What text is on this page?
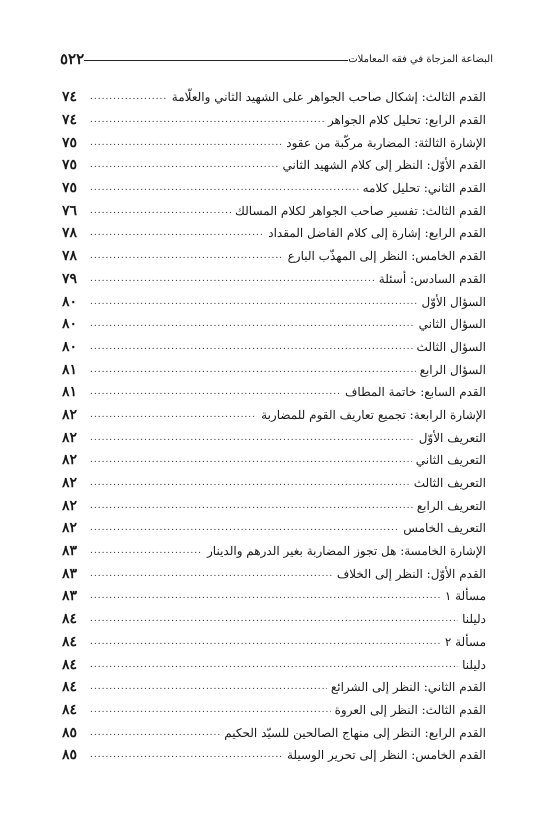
البضاعة المزجاة في فقه المعاملات
٥٢٢
القدم الثالث: إشكال صاحب الجواهر على الشهيد الثاني والعلّامة
.....
٧٤
القدم الرابع: تحليل كلام الجواهر
.....
٧٤
الإشارة الثالثة: المضاربة مركّبة من عقود
.....
٧٥
القدم الأوّل: النظر إلى كلام الشهيد الثاني
.....
٧٥
القدم الثاني: تحليل كلامه
.....
٧٥
القدم الثالث: تفسير صاحب الجواهر لكلام المسالك
.....
٧٦
القدم الرابع: إشارة إلى كلام الفاضل المقداد
.....
٧٨
القدم الخامس: النظر إلى المهذّب البارع
.....
٧٨
القدم السادس: أسئلة
.....
٧٩
السؤال الأوّل
.....
٨٠
السؤال الثاني
.....
٨٠
السؤال الثالث
.....
٨٠
السؤال الرابع
.....
٨١
القدم السابع: خاتمة المطاف
.....
٨١
الإشارة الرابعة: تجميع تعاريف القوم للمضاربة
.....
٨٢
التعريف الأوّل
.....
٨٢
التعريف الثاني
.....
٨٢
التعريف الثالث
.....
٨٢
التعريف الرابع
.....
٨٢
التعريف الخامس
.....
٨٢
الإشارة الخامسة: هل تجوز المضاربة بغير الدرهم والدينار
.....
٨٣
القدم الأوّل: النظر إلى الخلاف
.....
٨٣
مسألة ١
.....
٨٣
دليلنا
.....
٨٤
مسألة ٢
.....
٨٤
دليلنا
.....
٨٤
القدم الثاني: النظر إلى الشرائع
.....
٨٤
القدم الثالث: النظر إلى العروة
.....
٨٤
القدم الرابع: النظر إلى منهاج الصالحين للسيّد الحكيم
.....
٨٥
القدم الخامس: النظر إلى تحرير الوسيلة
.....
٨٥
